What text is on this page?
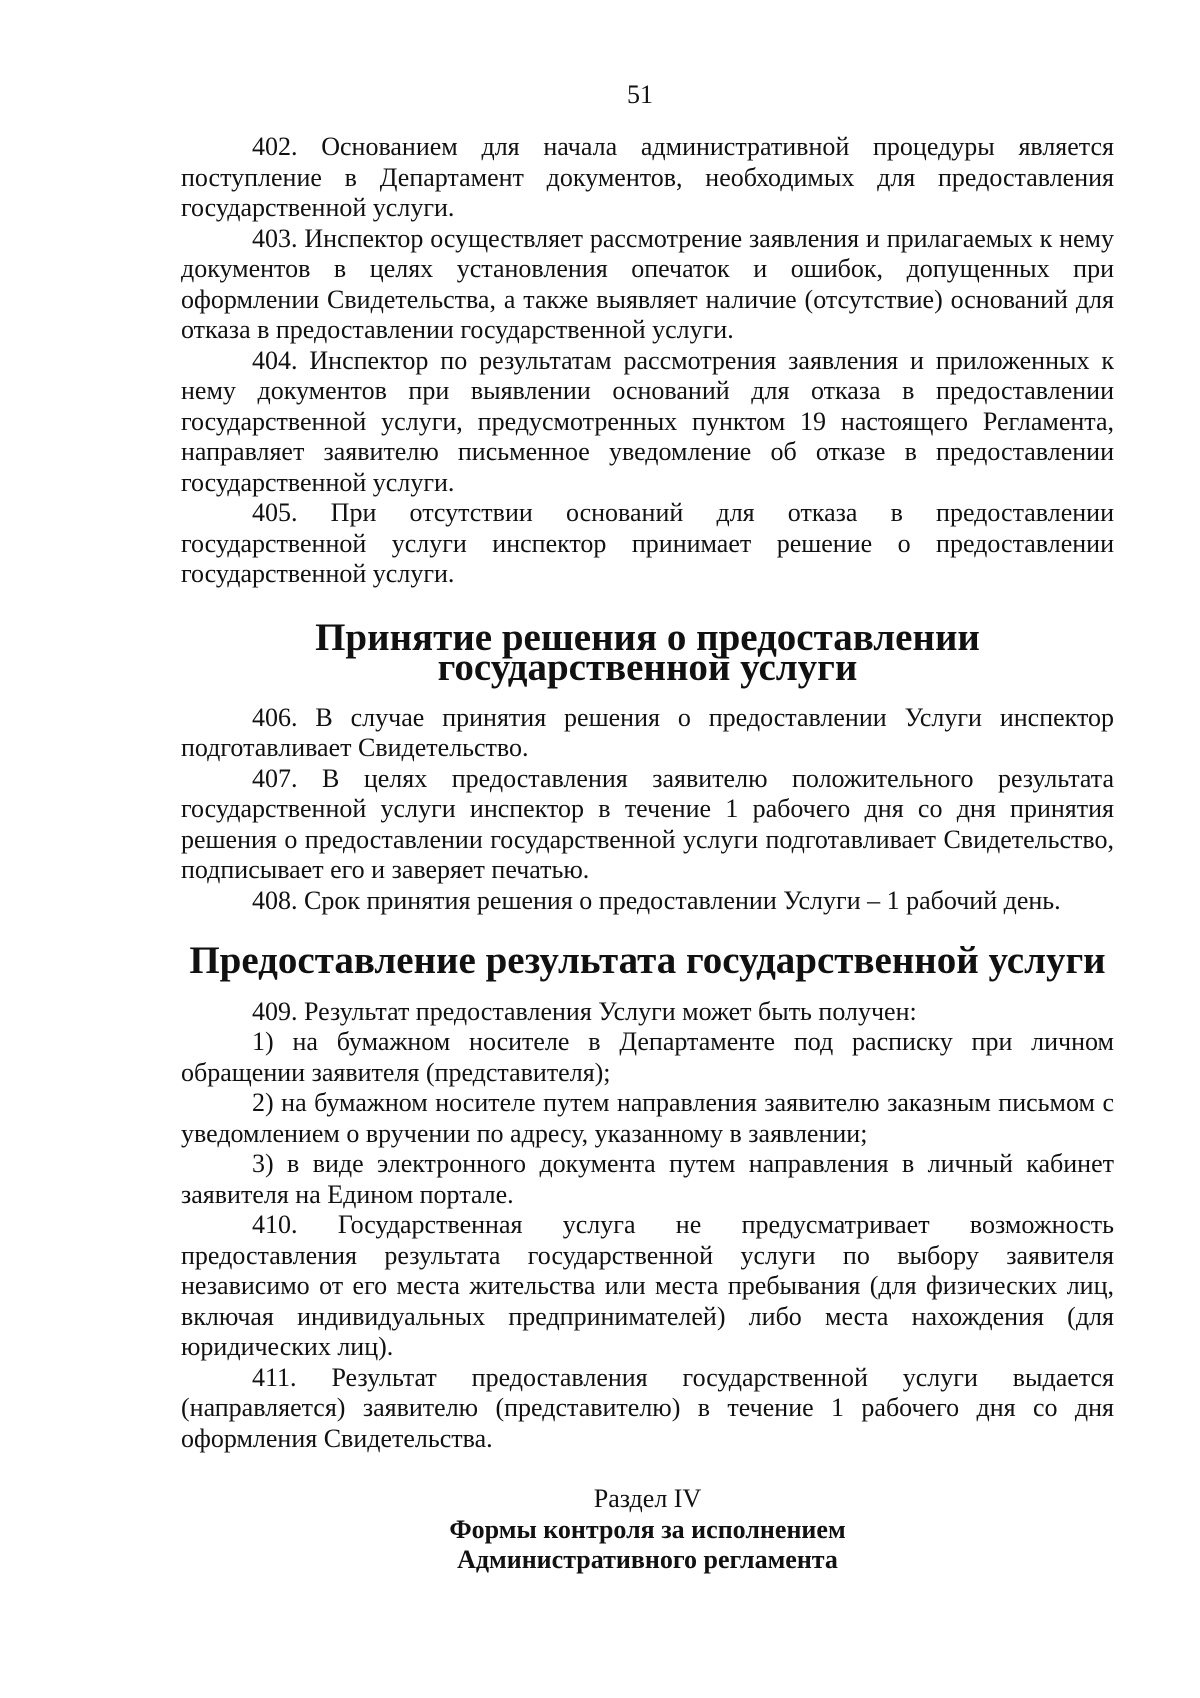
51

402. Основанием для начала административной процедуры является поступление в Департамент документов, необходимых для предоставления государственной услуги.

403. Инспектор осуществляет рассмотрение заявления и прилагаемых к нему документов в целях установления опечаток и ошибок, допущенных при оформлении Свидетельства, а также выявляет наличие (отсутствие) оснований для отказа в предоставлении государственной услуги.

404. Инспектор по результатам рассмотрения заявления и приложенных к нему документов при выявлении оснований для отказа в предоставлении государственной услуги, предусмотренных пунктом 19 настоящего Регламента, направляет заявителю письменное уведомление об отказе в предоставлении государственной услуги.

405. При отсутствии оснований для отказа в предоставлении государственной услуги инспектор принимает решение о предоставлении государственной услуги.

Принятие решения о предоставлении государственной услуги

406. В случае принятия решения о предоставлении Услуги инспектор подготавливает Свидетельство.

407. В целях предоставления заявителю положительного результата государственной услуги инспектор в течение 1 рабочего дня со дня принятия решения о предоставлении государственной услуги подготавливает Свидетельство, подписывает его и заверяет печатью.

408. Срок принятия решения о предоставлении Услуги – 1 рабочий день.

Предоставление результата государственной услуги

409. Результат предоставления Услуги может быть получен:

1) на бумажном носителе в Департаменте под расписку при личном обращении заявителя (представителя);

2) на бумажном носителе путем направления заявителю заказным письмом с уведомлением о вручении по адресу, указанному в заявлении;

3) в виде электронного документа путем направления в личный кабинет заявителя на Едином портале.

410. Государственная услуга не предусматривает возможность предоставления результата государственной услуги по выбору заявителя независимо от его места жительства или места пребывания (для физических лиц, включая индивидуальных предпринимателей) либо места нахождения (для юридических лиц).

411. Результат предоставления государственной услуги выдается (направляется) заявителю (представителю) в течение 1 рабочего дня со дня оформления Свидетельства.

Раздел IV
Формы контроля за исполнением
Административного регламента
